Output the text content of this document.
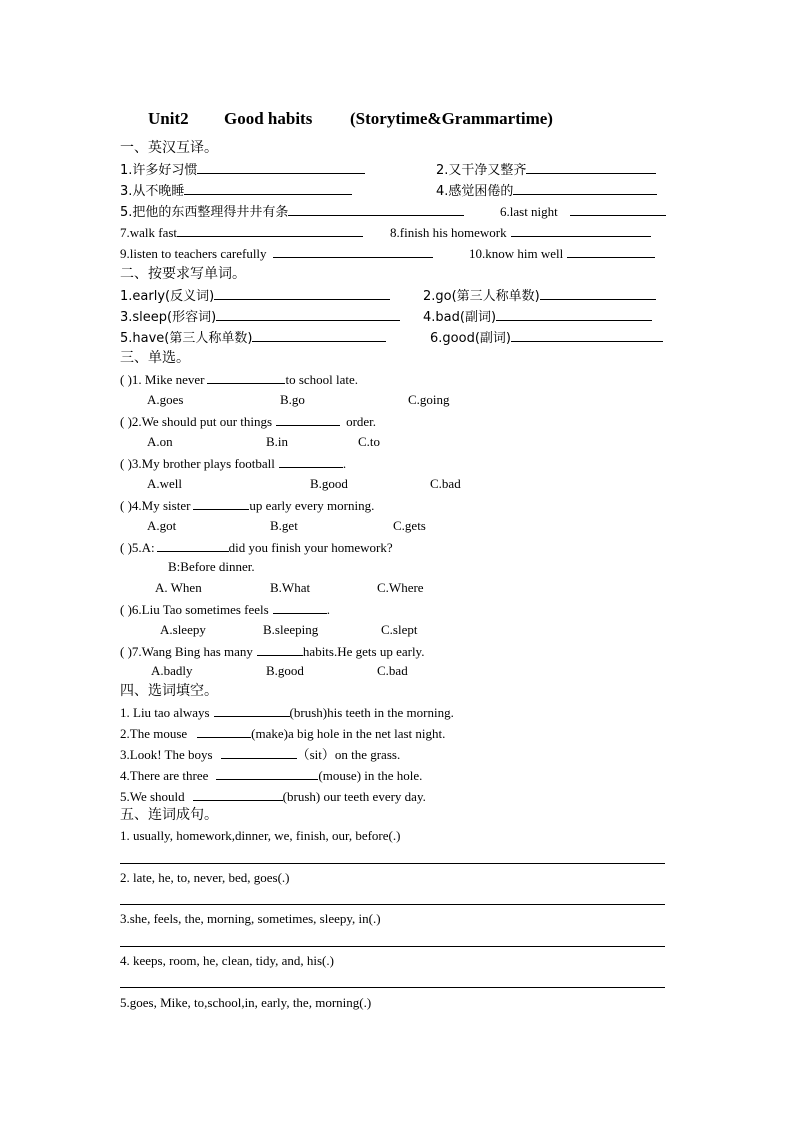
Unit2 Good habits (Storytime&Grammartime)
一、英汉互译。
1.许多好习惯	2.又干净又整齐
3.从不晚睡	4.感觉困倦的
5.把他的东西整理得井井有条	6.last night
7.walk fast	8.finish his homework
9.listen to teachers carefully	10.know him well
二、按要求写单词。
1.early(反义词)	2.go(第三人称单数)
3.sleep(形容词)	4.bad(副词)
5.have(第三人称单数)	6.good(副词)
三、单选。
( )1. Mike never	to school late.
A.goes	B.go	C.going
( )2.We should put our things	order.
A.on	B.in	C.to
( )3.My brother plays football	.
A.well	B.good	C.bad
( )4.My sister	up early every morning.
A.got	B.get	C.gets
( )5.A:	did you finish your homework?
B:Before dinner.
A. When	B.What	C.Where
( )6.Liu Tao sometimes feels	.
A.sleepy	B.sleeping	C.slept
( )7.Wang Bing has many	habits.He gets up early.
A.badly	B.good	C.bad
四、选词填空。
1. Liu tao always	(brush)his teeth in the morning.
2.The mouse	(make)a big hole in the net last night.
3.Look! The boys	（sit）on the grass.
4.There are three	(mouse) in the hole.
5.We should	(brush) our teeth every day.
五、连词成句。
1. usually, homework,dinner, we, finish, our, before(.)
2. late, he, to, never, bed, goes(.)
3.she, feels, the, morning, sometimes, sleepy, in(.)
4. keeps, room, he, clean, tidy, and, his(.)
5.goes, Mike, to,school,in, early, the, morning(.)
